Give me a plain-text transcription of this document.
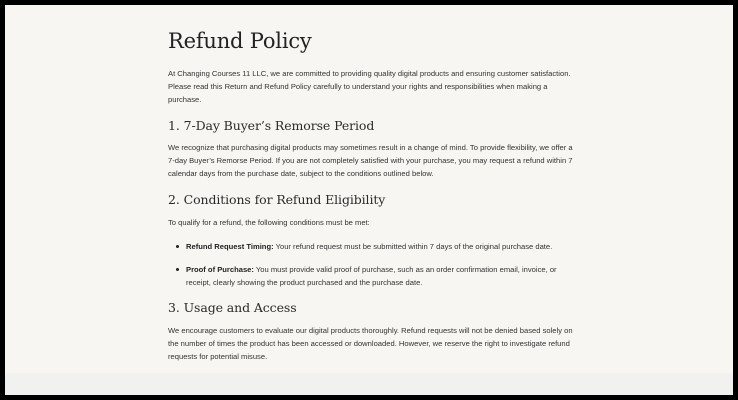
Refund Policy

At Changing Courses 11 LLC, we are committed to providing quality digital products and ensuring customer satisfaction. Please read this Return and Refund Policy carefully to understand your rights and responsibilities when making a purchase.

1. 7-Day Buyer’s Remorse Period

We recognize that purchasing digital products may sometimes result in a change of mind. To provide flexibility, we offer a 7-day Buyer’s Remorse Period. If you are not completely satisfied with your purchase, you may request a refund within 7 calendar days from the purchase date, subject to the conditions outlined below.

2. Conditions for Refund Eligibility

To qualify for a refund, the following conditions must be met:

Refund Request Timing: Your refund request must be submitted within 7 days of the original purchase date.
Proof of Purchase: You must provide valid proof of purchase, such as an order confirmation email, invoice, or receipt, clearly showing the product purchased and the purchase date.
3. Usage and Access

We encourage customers to evaluate our digital products thoroughly. Refund requests will not be denied based solely on the number of times the product has been accessed or downloaded. However, we reserve the right to investigate refund requests for potential misuse.
